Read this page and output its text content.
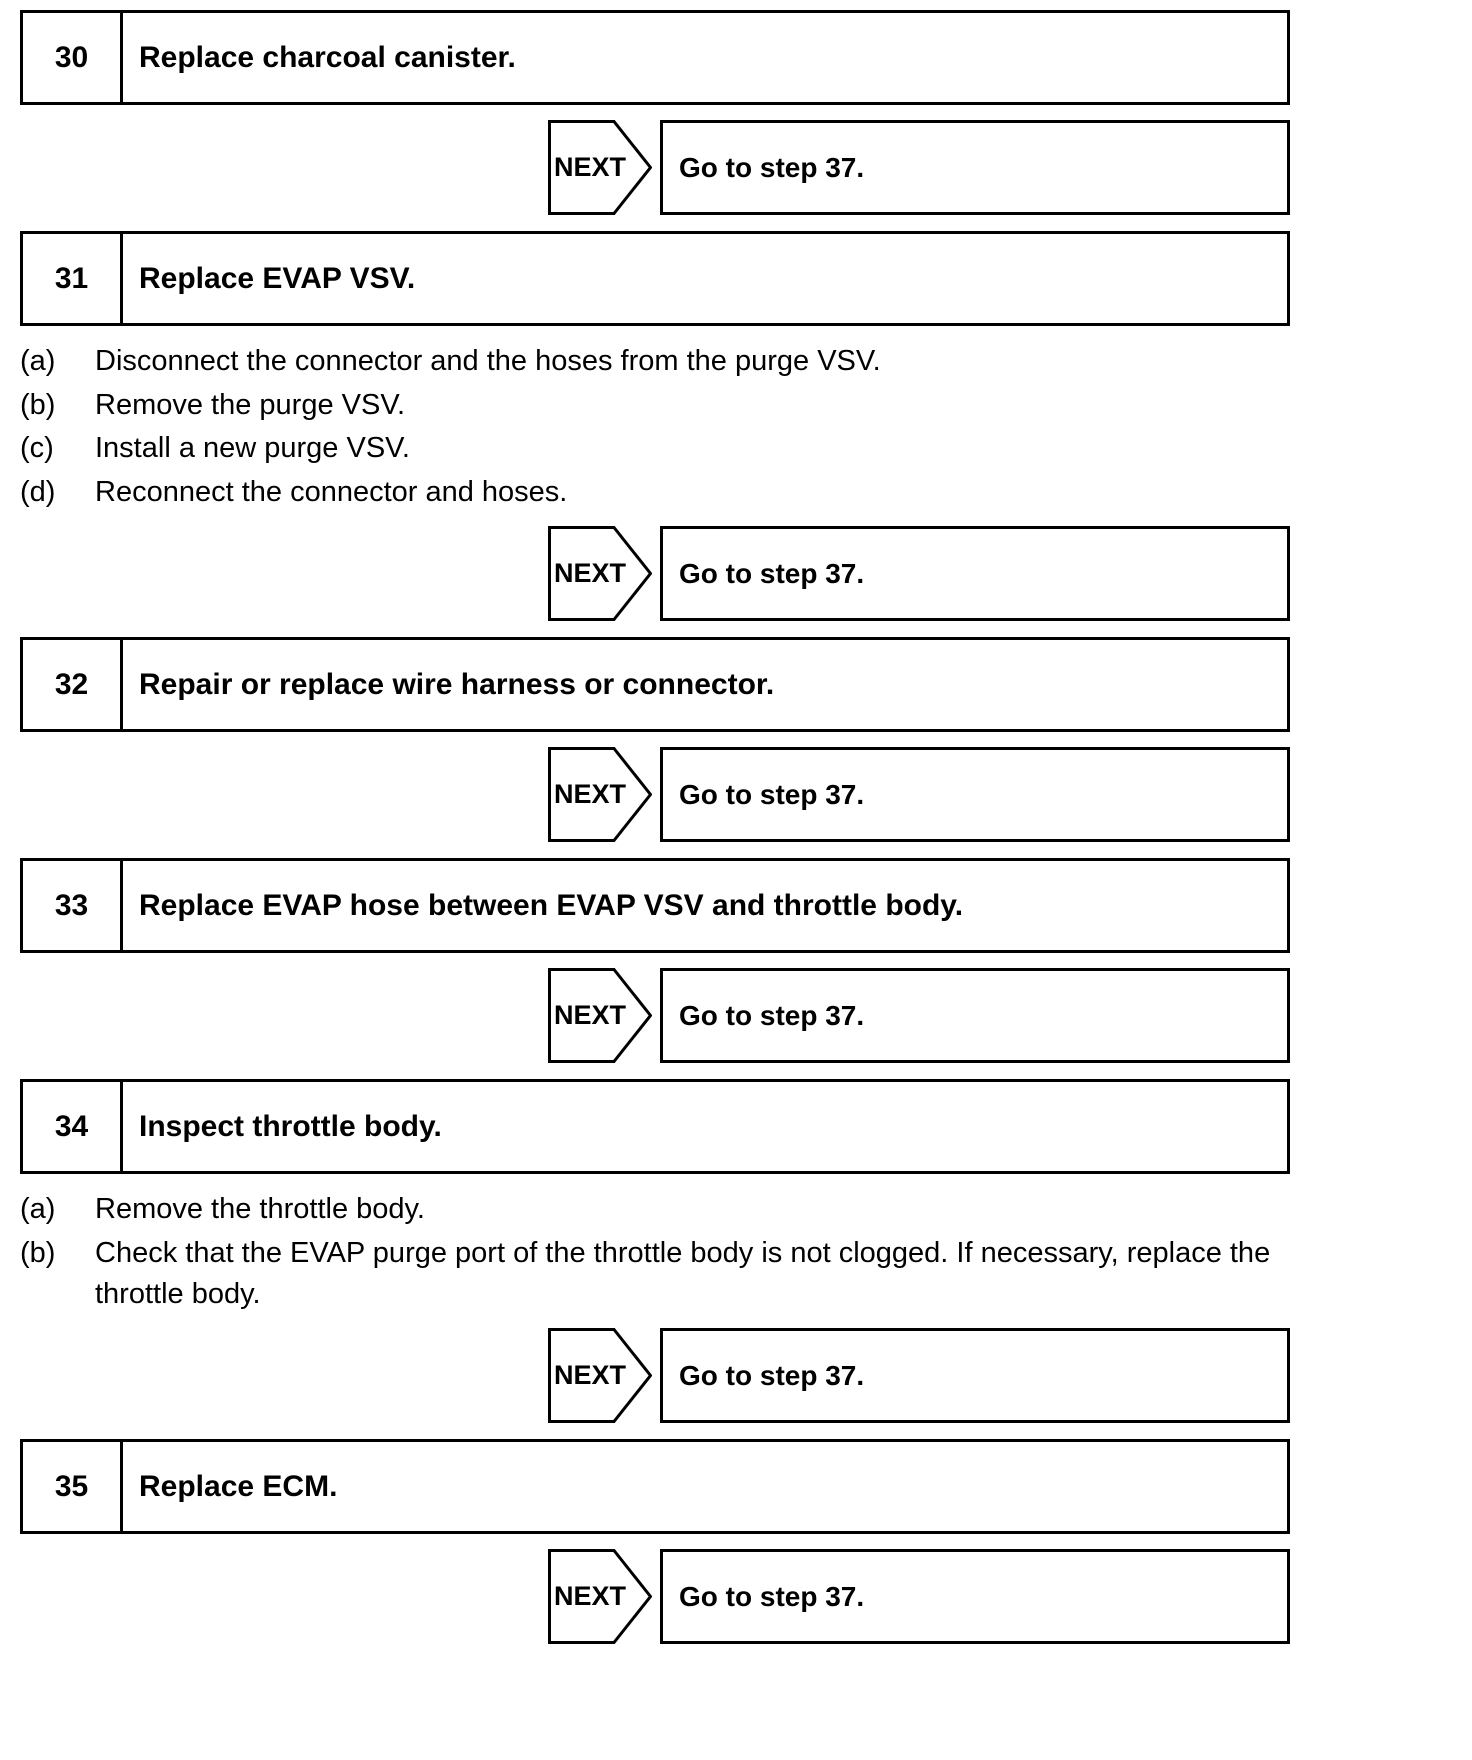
30	Replace charcoal canister.
NEXT	Go to step 37.
31	Replace EVAP VSV.
(a)	Disconnect the connector and the hoses from the purge VSV.
(b)	Remove the purge VSV.
(c)	Install a new purge VSV.
(d)	Reconnect the connector and hoses.
NEXT	Go to step 37.
32	Repair or replace wire harness or connector.
NEXT	Go to step 37.
33	Replace EVAP hose between EVAP VSV and throttle body.
NEXT	Go to step 37.
34	Inspect throttle body.
(a)	Remove the throttle body.
(b)	Check that the EVAP purge port of the throttle body is not clogged. If necessary, replace the throttle body.
NEXT	Go to step 37.
35	Replace ECM.
NEXT	Go to step 37.
